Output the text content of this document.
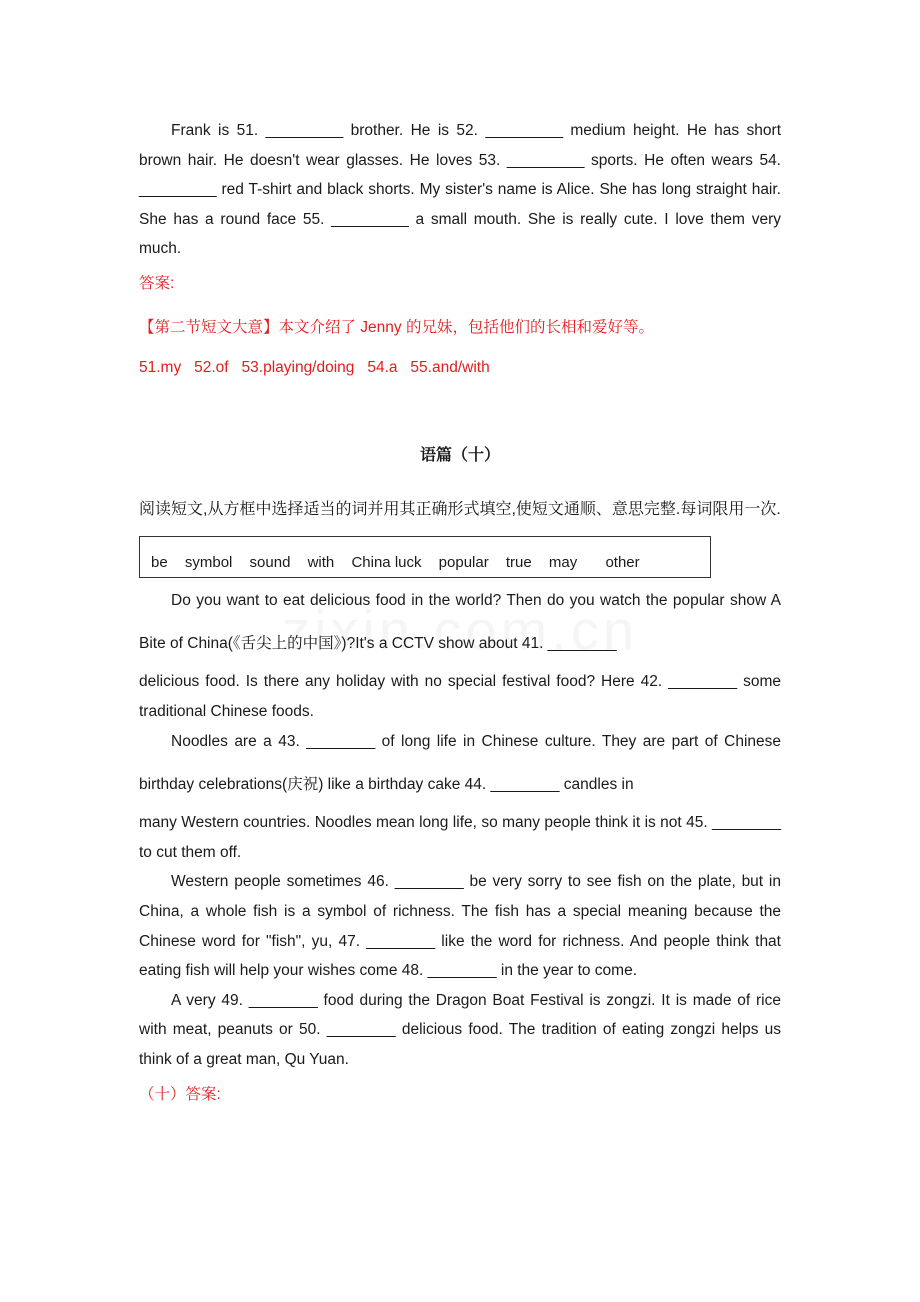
Frank is 51. _________ brother. He is 52. _________ medium height. He has short brown hair. He doesn't wear glasses. He loves 53. _________ sports. He often wears 54. _________ red T-shirt and black shorts. My sister's name is Alice. She has long straight hair. She has a round face 55. _________ a small mouth. She is really cute. I love them very much.

答案:

【第二节短文大意】本文介绍了 Jenny 的兄妹，包括他们的长相和爱好等。

51.my   52.of   53.playing/doing   54.a   55.and/with

语篇（十）

阅读短文,从方框中选择适当的词并用其正确形式填空,使短文通顺、意思完整.每词限用一次.

be symbol sound with China luck popular true may other

Do you want to eat delicious food in the world? Then do you watch the popular show A Bite of China(《舌尖上的中国》)?It's a CCTV show about 41. ________

delicious food. Is there any holiday with no special festival food? Here 42. ________ some traditional Chinese foods.

Noodles are a 43. ________ of long life in Chinese culture. They are part of Chinese birthday celebrations(庆祝) like a birthday cake 44. ________ candles in

many Western countries. Noodles mean long life, so many people think it is not 45. ________ to cut them off.

Western people sometimes 46. ________ be very sorry to see fish on the plate, but in China, a whole fish is a symbol of richness. The fish has a special meaning because the Chinese word for "fish", yu, 47. ________ like the word for richness. And people think that eating fish will help your wishes come 48. ________ in the year to come.

A very 49. ________ food during the Dragon Boat Festival is zongzi. It is made of rice with meat, peanuts or 50. ________ delicious food. The tradition of eating zongzi helps us think of a great man, Qu Yuan.

（十）答案:
